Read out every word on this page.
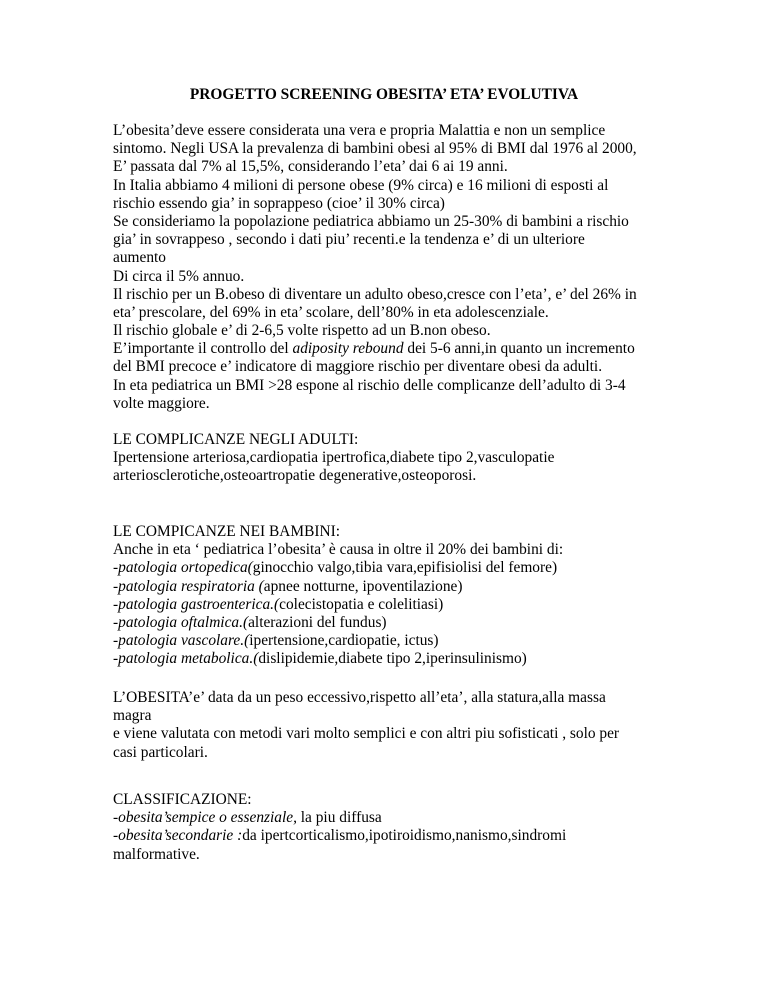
PROGETTO SCREENING OBESITA’ ETA’ EVOLUTIVA
L’obesita’deve essere considerata una vera e propria Malattia e non un semplice
sintomo. Negli USA la prevalenza di bambini obesi al 95% di BMI dal 1976 al 2000,
E’ passata dal 7% al 15,5%, considerando l’eta’ dai 6 ai 19 anni.
In Italia abbiamo 4 milioni di persone obese (9% circa) e 16 milioni di esposti al
rischio essendo gia’ in soprappeso (cioe’ il 30% circa)
Se consideriamo la popolazione pediatrica abbiamo un 25-30% di bambini a rischio
gia’ in sovrappeso , secondo i dati piu’ recenti.e la tendenza e’ di un ulteriore
aumento
Di circa il 5% annuo.
Il rischio per un B.obeso di diventare un adulto obeso,cresce con l’eta’, e’ del 26% in
eta’ prescolare, del 69% in eta’ scolare, dell’80% in eta adolescenziale.
Il rischio globale e’ di 2-6,5 volte rispetto ad un B.non obeso.
E’importante il controllo del adiposity rebound dei 5-6 anni,in quanto un incremento
del BMI precoce e’ indicatore di maggiore rischio per diventare obesi da adulti.
In eta pediatrica un BMI >28 espone al rischio delle complicanze dell’adulto di 3-4
volte maggiore.
LE COMPLICANZE NEGLI ADULTI:
Ipertensione arteriosa,cardiopatia ipertrofica,diabete tipo 2,vasculopatie
arteriosclerotiche,osteoartropatie degenerative,osteoporosi.
LE COMPICANZE NEI BAMBINI:
Anche in eta ‘ pediatrica l’obesita’ è causa in oltre il 20% dei bambini di:
-patologia ortopedica(ginocchio valgo,tibia vara,epifisiolisi del femore)
-patologia respiratoria (apnee notturne, ipoventilazione)
-patologia gastroenterica.(colecistopatia e colelitiasi)
-patologia oftalmica.(alterazioni del fundus)
-patologia vascolare.(ipertensione,cardiopatie, ictus)
-patologia metabolica.(dislipidemie,diabete tipo 2,iperinsulinismo)
L’OBESITA’e’ data da un peso eccessivo,rispetto all’eta’, alla statura,alla massa
magra
e viene valutata con metodi vari molto semplici e con altri piu sofisticati , solo per
casi particolari.
CLASSIFICAZIONE:
-obesita’sempice o essenziale, la piu diffusa
-obesita’secondarie :da ipertcorticalismo,ipotiroidismo,nanismo,sindromi
malformative.
